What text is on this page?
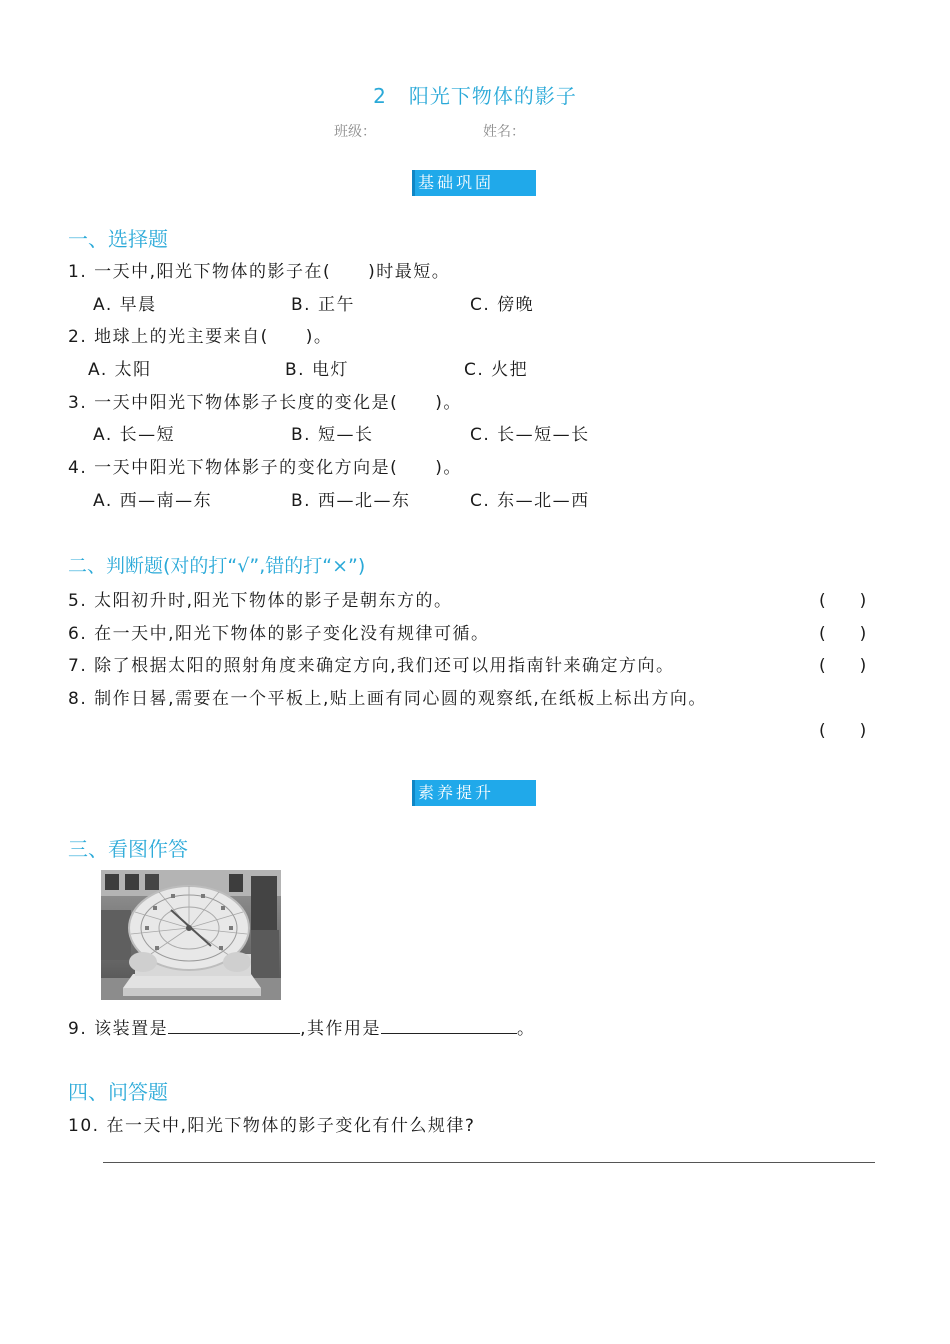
2 阳光下物体的影子
班级：	姓名：
基础巩固
一、选择题
1. 一天中,阳光下物体的影子在(　　)时最短。
A. 早晨	B. 正午	C. 傍晚
2. 地球上的光主要来自(　　)。
A. 太阳	B. 电灯	C. 火把
3. 一天中阳光下物体影子长度的变化是(　　)。
A. 长—短	B. 短—长	C. 长—短—长
4. 一天中阳光下物体影子的变化方向是(　　)。
A. 西—南—东	B. 西—北—东	C. 东—北—西
二、判断题(对的打“√”,错的打“×”)
5. 太阳初升时,阳光下物体的影子是朝东方的。	(　　)
6. 在一天中,阳光下物体的影子变化没有规律可循。	(　　)
7. 除了根据太阳的照射角度来确定方向,我们还可以用指南针来确定方向。	(　　)
8. 制作日晷,需要在一个平板上,贴上画有同心圆的观察纸,在纸板上标出方向。
(　　)
素养提升
三、看图作答
9. 该装置是	,其作用是	。
四、问答题
10. 在一天中,阳光下物体的影子变化有什么规律?
